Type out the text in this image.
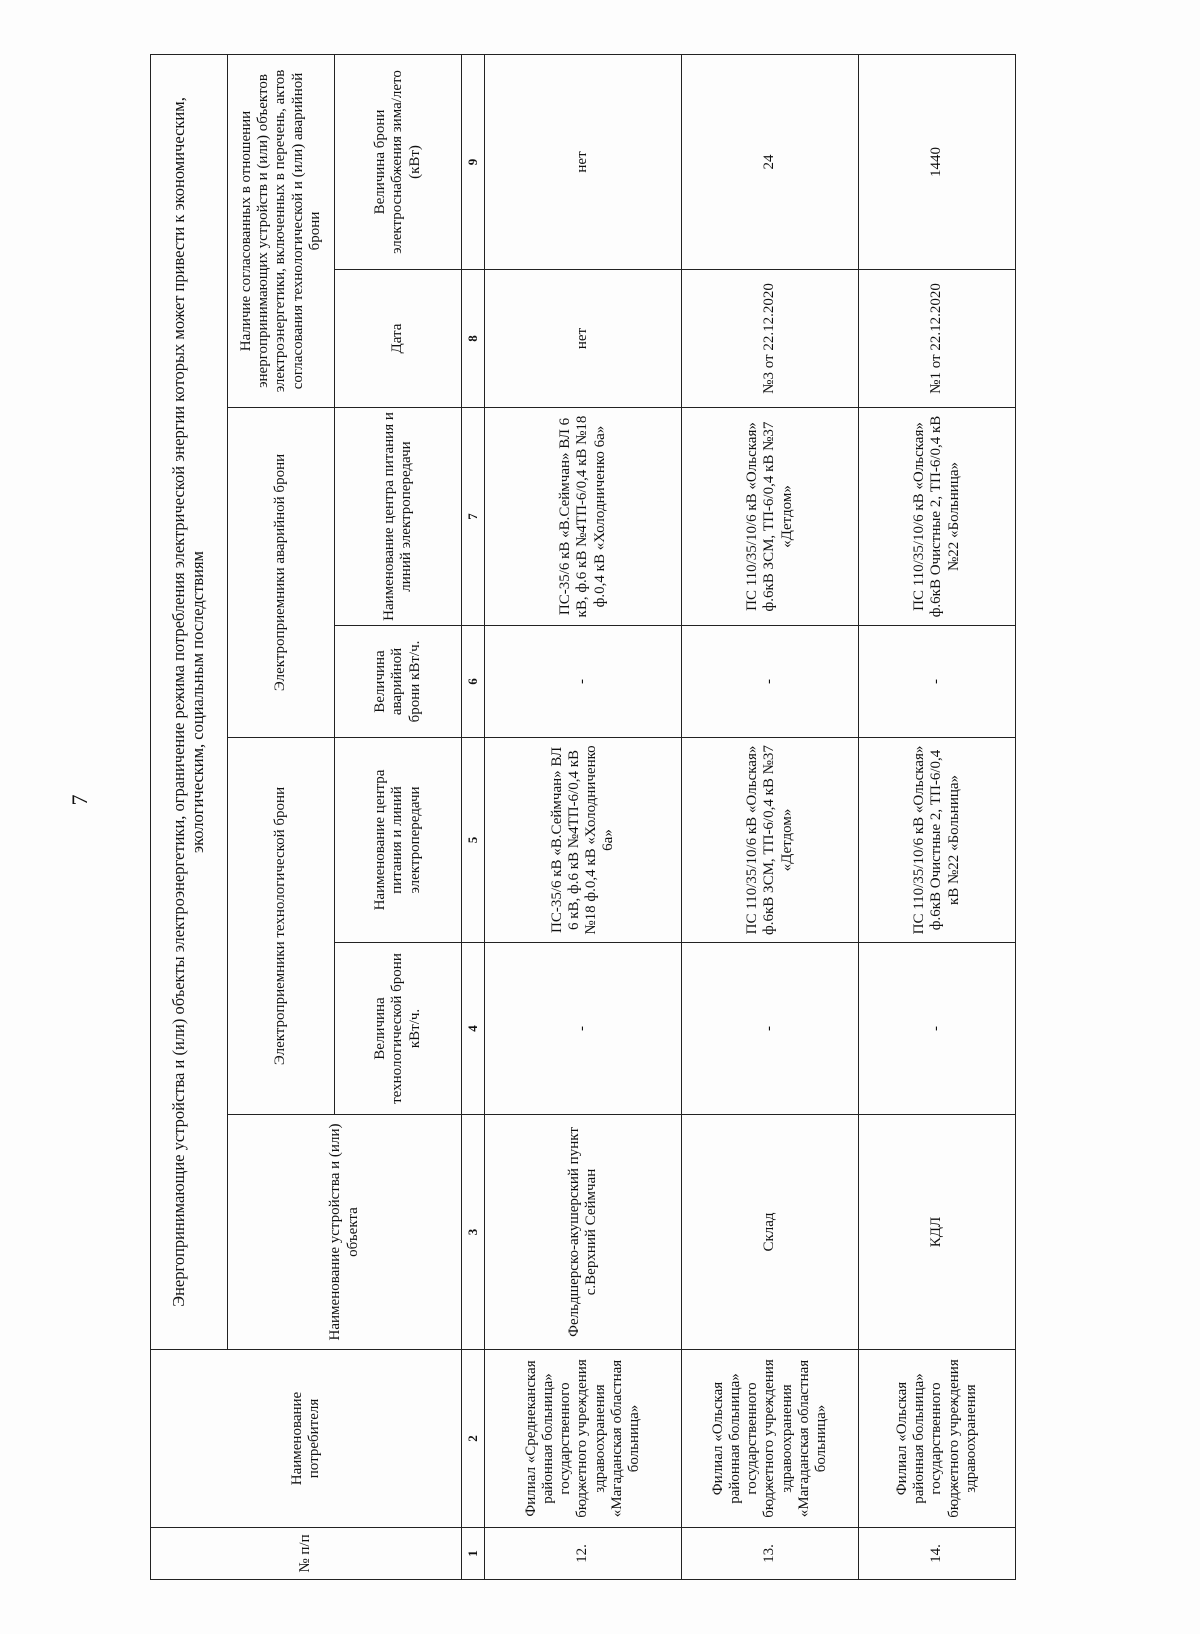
7
№ п/п	Наименование потребителя	Энергопринимающие устройства и (или) объекты электроэнергетики, ограничение режима потребления электрической энергии которых может привести к экономическим, экологическим, социальным последствиям						
		Наименование устройства и (или) объекта	Электроприемники технологической брони		Электроприемники аварийной брони		Наличие согласованных в отношении энергопринимающих устройств и (или) объектов электроэнергетики, включенных в перечень, актов согласования технологической и (или) аварийной брони	
			Величина технологической брони кВт/ч.	Наименование центра питания и линий электропередачи	Величина аварийной брони кВт/ч.	Наименование центра питания и линий электропередачи	Дата	Величина брони электроснабжения зима/лето (кВт)
1	2	3	4	5	6	7	8	9
12.	Филиал «Среднеканская районная больница» государственного бюджетного учреждения здравоохранения «Магаданская областная больница»	Фельдшерско-акушерский пункт с.Верхний Сеймчан	-	ПС-35/6 кВ «В.Сеймчан» ВЛ 6 кВ, ф.6 кВ №4ТП-6/0,4 кВ №18 ф.0,4 кВ «Холодниченко 6а»	-	ПС-35/6 кВ «В.Сеймчан» ВЛ 6 кВ, ф.6 кВ №4ТП-6/0,4 кВ №18 ф.0,4 кВ «Холодниченко 6а»	нет	нет
13.	Филиал «Ольская районная больница» государственного бюджетного учреждения здравоохранения «Магаданская областная больница»	Склад	-	ПС 110/35/10/6 кВ «Ольская» ф.6кВ ЗСМ, ТП-6/0,4 кВ №37 «Детдом»	-	ПС 110/35/10/6 кВ «Ольская» ф.6кВ ЗСМ, ТП-6/0,4 кВ №37 «Детдом»	№3 от 22.12.2020	24
14.	Филиал «Ольская районная больница» государственного бюджетного учреждения здравоохранения	КДЛ	-	ПС 110/35/10/6 кВ «Ольская» ф.6кВ Очистные 2, ТП-6/0,4 кВ №22 «Больница»	-	ПС 110/35/10/6 кВ «Ольская» ф.6кВ Очистные 2, ТП-6/0,4 кВ №22 «Больница»	№1 от 22.12.2020	1440
